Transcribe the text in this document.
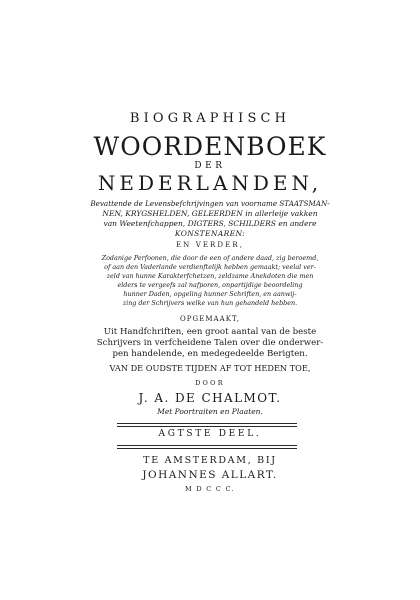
BIOGRAPHISCH
WOORDENBOEK
DER
NEDERLANDEN,
Bevattende de Levensbefchrijvingen van voorname STAATSMAN-
NEN, KRYGSHELDEN, GELEERDEN in allerleije vakken
van Weetenfchappen, DIGTERS, SCHILDERS en andere
KONSTENAREN:
EN VERDER,
Zodanige Perfoonen, die door de een of andere daad, zig beroemd,
of aan den Vaderlande verdienftelijk hebben gemaakt; veelal ver-
zeld van hunne Karakterfchetzen, zeldzame Anekdoten die men
elders te vergeefs zal nafporen, onpartijdige beoordeling
hunner Daden, opgeling hunner Schriften, en aanwij-
zing der Schrijvers welke van hun gehandeld hebben.
OPGEMAAKT,
Uit Handfchriften, een groot aantal van de beste
Schrijvers in verfcheidene Talen over die onderwer-
pen handelende, en medegedeelde Berigten.
VAN DE OUDSTE TIJDEN AF TOT HEDEN TOE,
DOOR
J. A. DE CHALMOT.
Met Poortraiten en Plaaten.
AGTSTE DEEL.
TE AMSTERDAM, BIJ
JOHANNES ALLART.
M D C C C.
